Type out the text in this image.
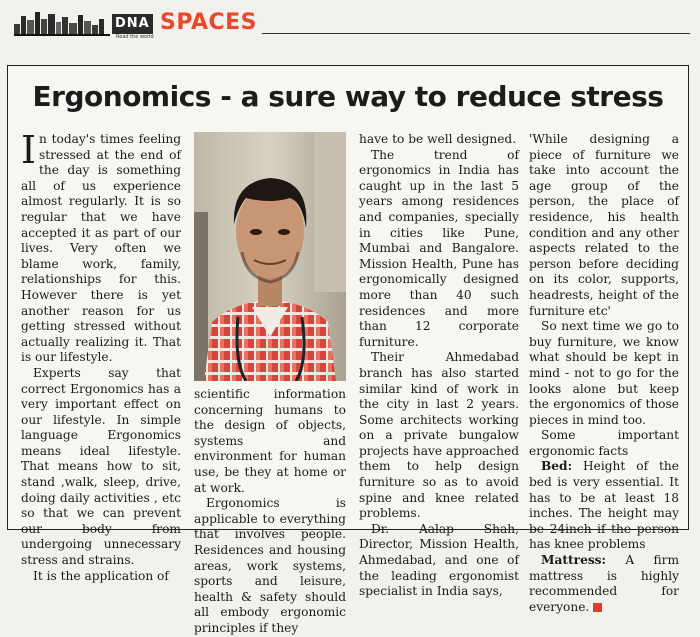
DNA
Read the world
SPACES
Ergonomics - a sure way to reduce stress

In today's times feeling stressed at the end of the day is something all of us experience almost regularly. It is so regular that we have accepted it as part of our lives. Very often we blame work, family, relationships for this. However there is yet another reason for us getting stressed without actually realizing it. That is our lifestyle.

Experts say that correct Ergonomics has a very important effect on our lifestyle. In simple language Ergonomics means ideal lifestyle. That means how to sit, stand ,walk, sleep, drive, doing daily activities , etc so that we can prevent our body from undergoing unnecessary stress and strains.

It is the application of

scientific information concerning humans to the design of objects, systems and environment for human use, be they at home or at work.

Ergonomics is applicable to everything that involves people. Residences and housing areas, work systems, sports and leisure, health & safety should all embody ergonomic principles if they

have to be well designed.

The trend of ergonomics in India has caught up in the last 5 years among residences and companies, specially in cities like Pune, Mumbai and Bangalore. Mission Health, Pune has ergonomically designed more than 40 such residences and more than 12 corporate furniture.

Their Ahmedabad branch has also started similar kind of work in the city in last 2 years. Some architects working on a private bungalow projects have approached them to help design furniture so as to avoid spine and knee related problems.

Dr. Aalap Shah, Director, Mission Health, Ahmedabad, and one of the leading ergonomist specialist in India says,

'While designing a piece of furniture we take into account the age group of the person, the place of residence, his health condition and any other aspects related to the person before deciding on its color, supports, headrests, height of the furniture etc'

So next time we go to buy furniture, we know what should be kept in mind - not to go for the looks alone but keep the ergonomics of those pieces in mind too.

Some important ergonomic facts

Bed: Height of the bed is very essential. It has to be at least 18 inches. The height may be 24inch if the person has knee problems

Mattress: A firm mattress is highly recommended for everyone.
